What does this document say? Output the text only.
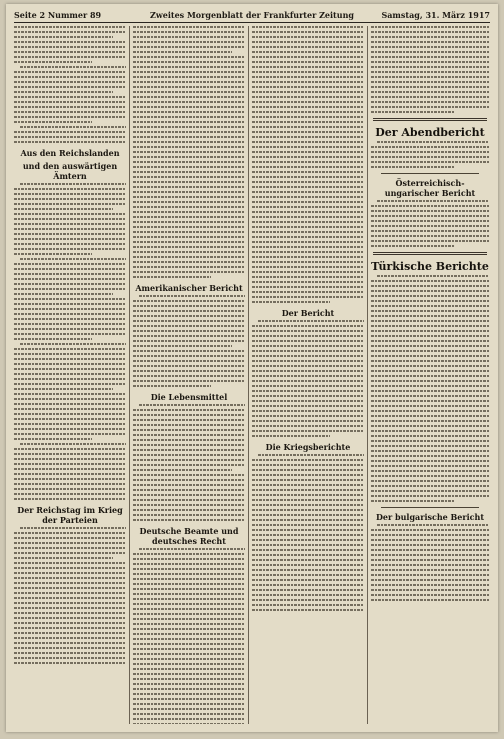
Seite 2 Nummer 89	Zweites Morgenblatt der Frankfurter Zeitung	Samstag, 31. März 1917
Aus den Reichslanden
und den auswärtigen Ämtern
Der Reichstag im Krieg der Parteien
Amerikanischer Bericht
Die Lebensmittel
Deutsche Beamte und deutsches Recht
Der Bericht
Die Kriegsberichte
Der Abendbericht
Österreichisch-ungarischer Bericht
Türkische Berichte
Der bulgarische Bericht
